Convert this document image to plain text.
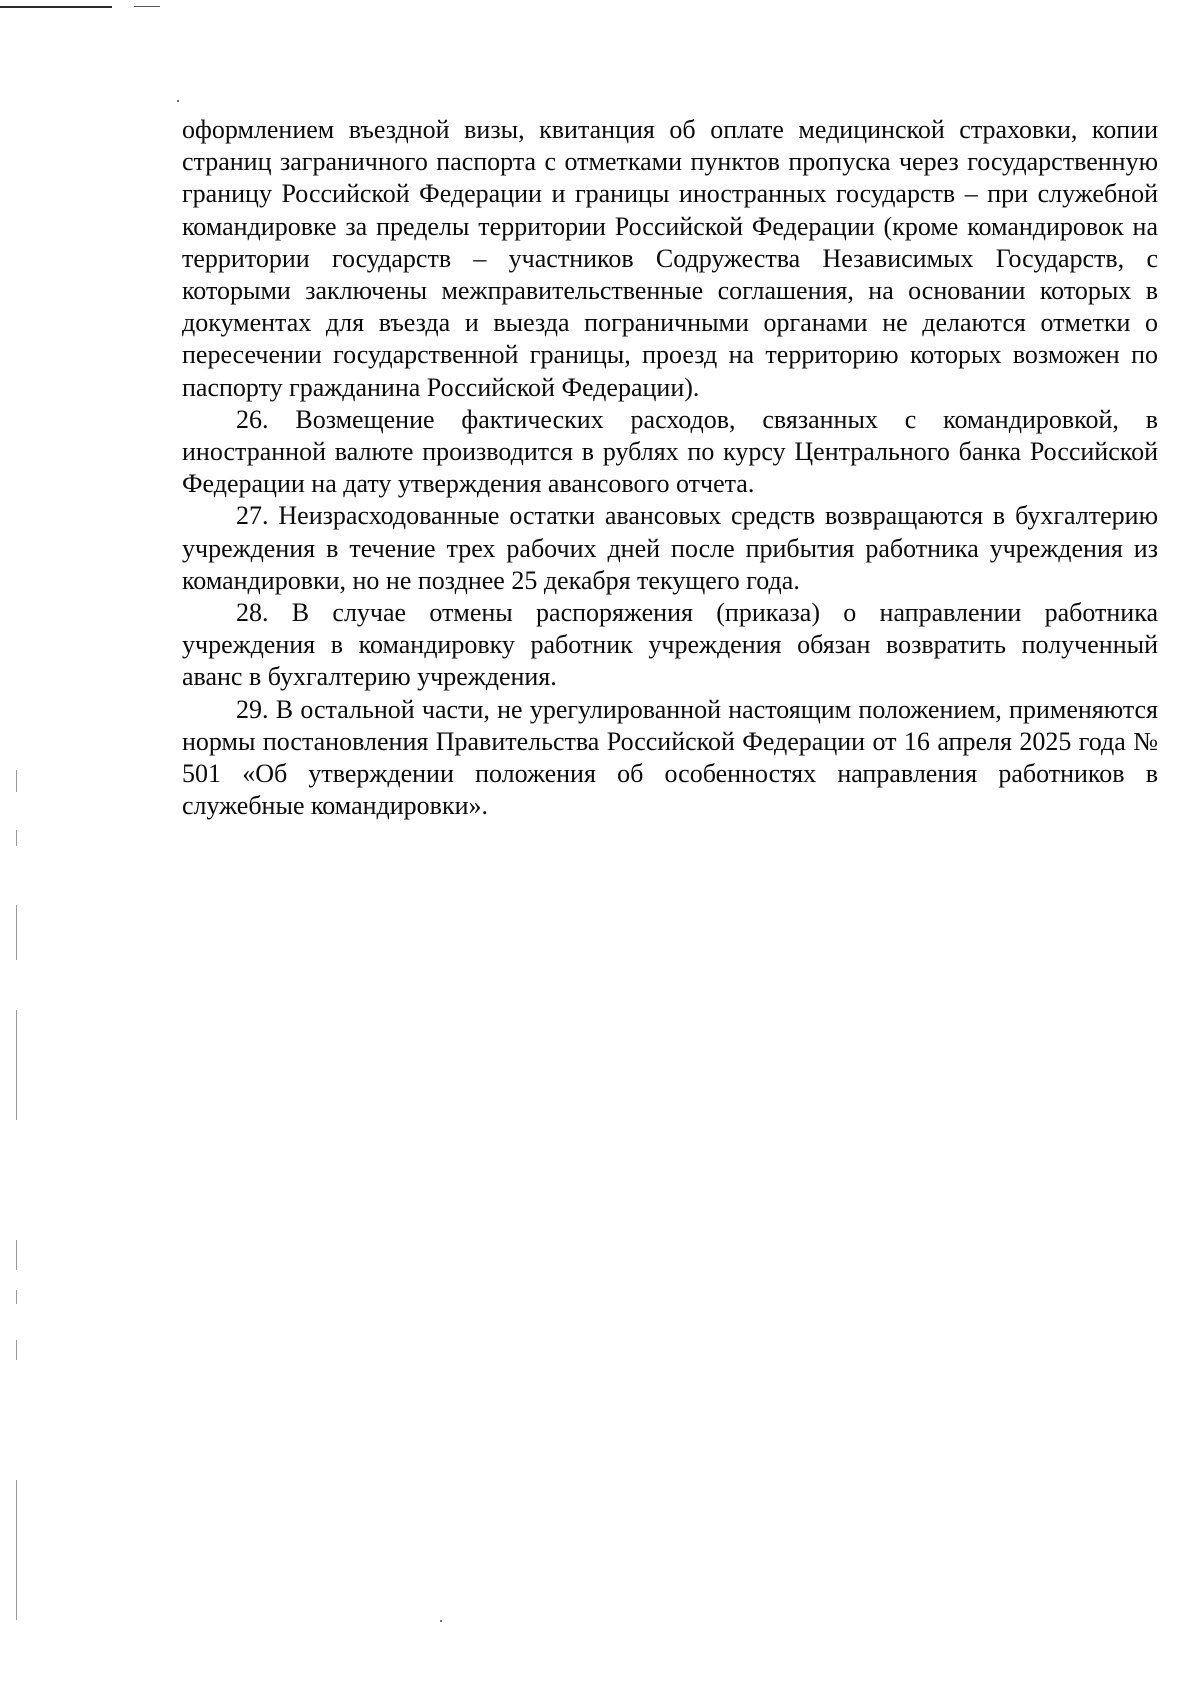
оформлением въездной визы, квитанция об оплате медицинской страховки, копии страниц заграничного паспорта с отметками пунктов пропуска через государственную границу Российской Федерации и границы иностранных государств – при служебной командировке за пределы территории Российской Федерации (кроме командировок на территории государств – участников Содружества Независимых Государств, с которыми заключены межправительственные соглашения, на основании которых в документах для въезда и выезда пограничными органами не делаются отметки о пересечении государственной границы, проезд на территорию которых возможен по паспорту гражданина Российской Федерации).

26. Возмещение фактических расходов, связанных с командировкой, в иностранной валюте производится в рублях по курсу Центрального банка Российской Федерации на дату утверждения авансового отчета.

27. Неизрасходованные остатки авансовых средств возвращаются в бухгалтерию учреждения в течение трех рабочих дней после прибытия работника учреждения из командировки, но не позднее 25 декабря текущего года.

28. В случае отмены распоряжения (приказа) о направлении работника учреждения в командировку работник учреждения обязан возвратить полученный аванс в бухгалтерию учреждения.

29. В остальной части, не урегулированной настоящим положением, применяются нормы постановления Правительства Российской Федерации от 16 апреля 2025 года № 501 «Об утверждении положения об особенностях направления работников в служебные командировки».
